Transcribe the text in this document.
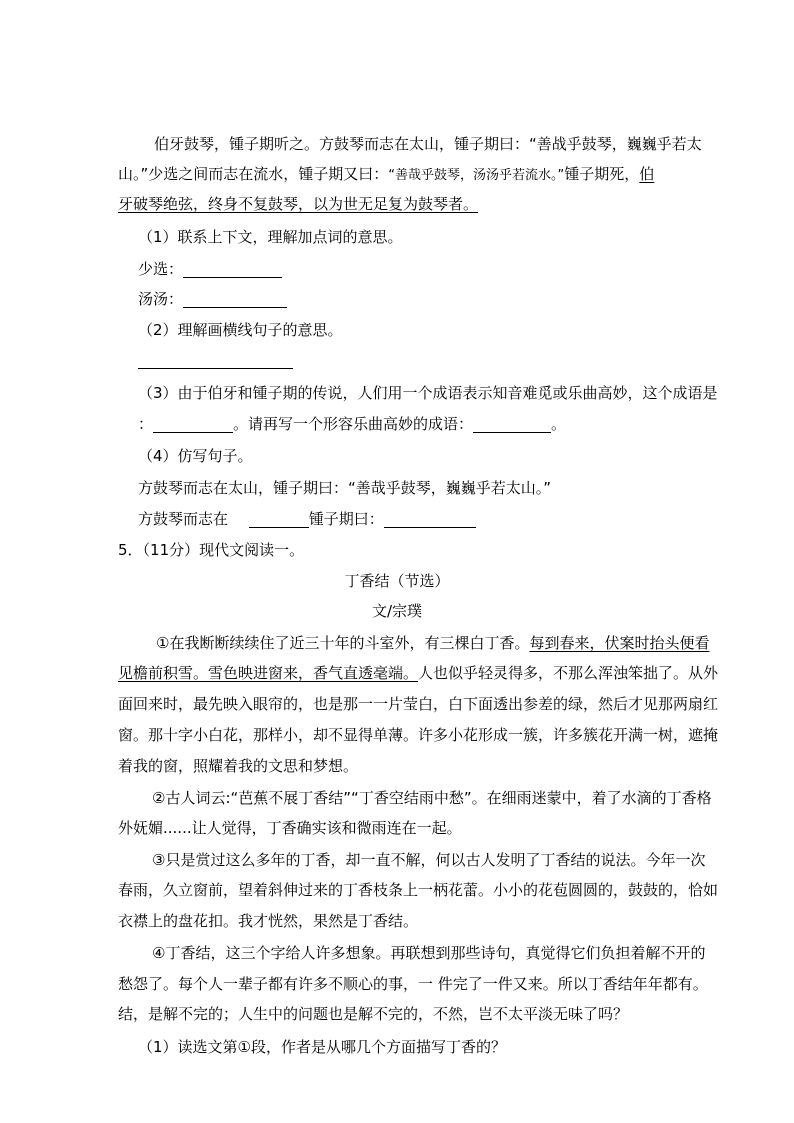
伯牙鼓琴，锺子期听之。方鼓琴而志在太山，锺子期曰：“善战乎鼓琴，巍巍乎若太
山。”少选之间而志在流水，锺子期又曰：“善哉乎鼓琴，汤汤乎若流水。”锺子期死，伯
牙破琴绝弦，终身不复鼓琴，以为世无足复为鼓琴者。
（1）联系上下文，理解加点词的意思。
少选：
汤汤：
（2）理解画横线句子的意思。
（3）由于伯牙和锺子期的传说，人们用一个成语表示知音难觅或乐曲高妙，这个成语是
：	。请再写一个形容乐曲高妙的成语：	。
（4）仿写句子。
方鼓琴而志在太山，锺子期曰：“善哉乎鼓琴，巍巍乎若太山。”
方鼓琴而志在	锺子期曰：
5．（11分）现代文阅读一。
丁香结（节选）
文/宗璞
①在我断断续续住了近三十年的斗室外，有三棵白丁香。每到春来，伏案时抬头便看
见檐前积雪。雪色映进窗来，香气直透毫端。人也似乎轻灵得多，不那么浑浊笨拙了。从外
面回来时，最先映入眼帘的，也是那一一片莹白，白下面透出参差的绿，然后才见那两扇红
窗。那十字小白花，那样小，却不显得单薄。许多小花形成一簇，许多簇花开满一树，遮掩
着我的窗，照耀着我的文思和梦想。
②古人词云:“芭蕉不展丁香结”“丁香空结雨中愁”。在细雨迷蒙中，着了水滴的丁香格
外妩媚......让人觉得，丁香确实该和微雨连在一起。
③只是赏过这么多年的丁香，却一直不解，何以古人发明了丁香结的说法。今年一次
春雨，久立窗前，望着斜伸过来的丁香枝条上一柄花蕾。小小的花苞圆圆的，鼓鼓的，恰如
衣襟上的盘花扣。我才恍然，果然是丁香结。
④丁香结，这三个字给人许多想象。再联想到那些诗句，真觉得它们负担着解不开的
愁怨了。每个人一辈子都有许多不顺心的事，一 件完了一件又来。所以丁香结年年都有。
结，是解不完的；人生中的问题也是解不完的，不然，岂不太平淡无味了吗？
（1）读选文第①段，作者是从哪几个方面描写丁香的？
